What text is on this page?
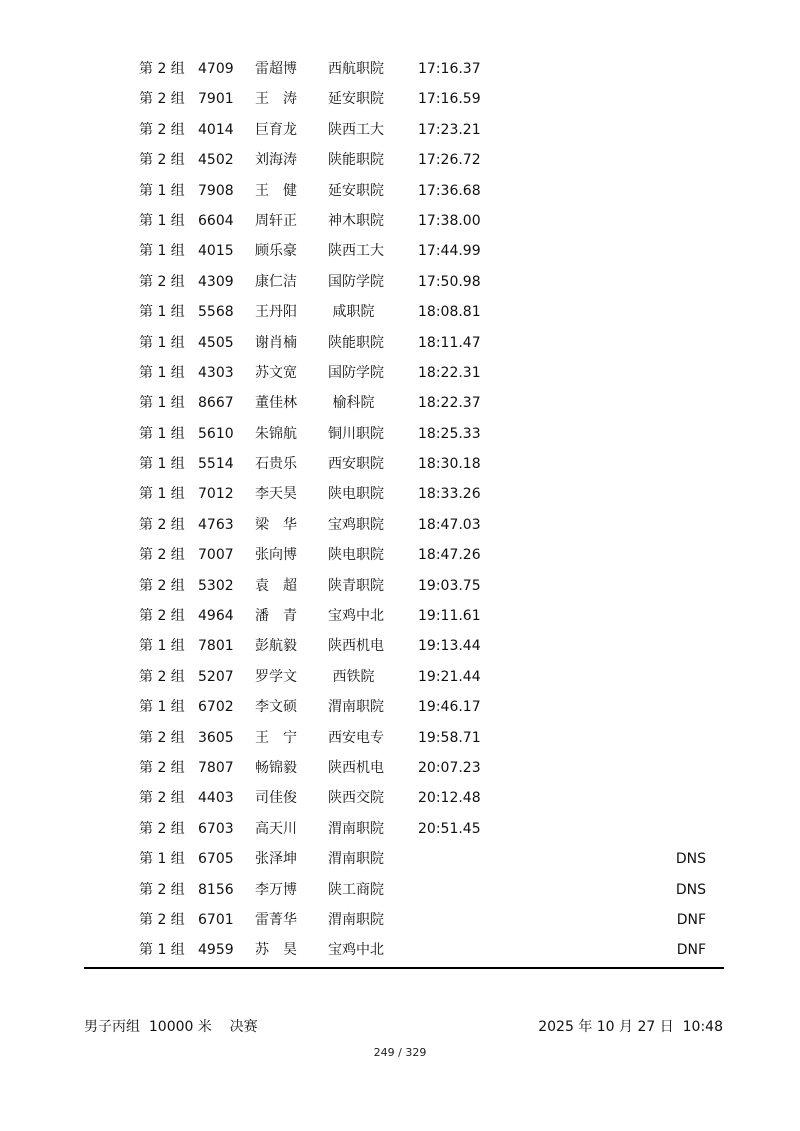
第 2 组 4709 雷超博 西航职院 17:16.37
第 2 组 7901 王　涛 延安职院 17:16.59
第 2 组 4014 巨育龙 陕西工大 17:23.21
第 2 组 4502 刘海涛 陕能职院 17:26.72
第 1 组 7908 王　健 延安职院 17:36.68
第 1 组 6604 周轩正 神木职院 17:38.00
第 1 组 4015 顾乐豪 陕西工大 17:44.99
第 2 组 4309 康仁洁 国防学院 17:50.98
第 1 组 5568 王丹阳 咸职院	18:08.81
第 1 组 4505 谢肖楠 陕能职院 18:11.47
第 1 组 4303 苏文宽 国防学院 18:22.31
第 1 组 8667 董佳林 榆科院	18:22.37
第 1 组 5610 朱锦航 铜川职院 18:25.33
第 1 组 5514 石贵乐 西安职院 18:30.18
第 1 组 7012 李天昊 陕电职院 18:33.26
第 2 组 4763 梁　华 宝鸡职院 18:47.03
第 2 组 7007 张向博 陕电职院 18:47.26
第 2 组 5302 袁　超 陕青职院 19:03.75
第 2 组 4964 潘　青 宝鸡中北 19:11.61
第 1 组 7801 彭航毅 陕西机电 19:13.44
第 2 组 5207 罗学文 西铁院	19:21.44
第 1 组 6702 李文硕 渭南职院 19:46.17
第 2 组 3605 王　宁 西安电专 19:58.71
第 2 组 7807 畅锦毅 陕西机电 20:07.23
第 2 组 4403 司佳俊 陕西交院 20:12.48
第 2 组 6703 高天川 渭南职院 20:51.45
第 1 组 6705 张泽坤 渭南职院	DNS
第 2 组 8156 李万博 陕工商院	DNS
第 2 组 6701 雷菁华 渭南职院	DNF
第 1 组 4959 苏　昊 宝鸡中北	DNF
男子丙组  10000 米    决赛	2025 年 10 月 27 日  10:48
249 / 329
